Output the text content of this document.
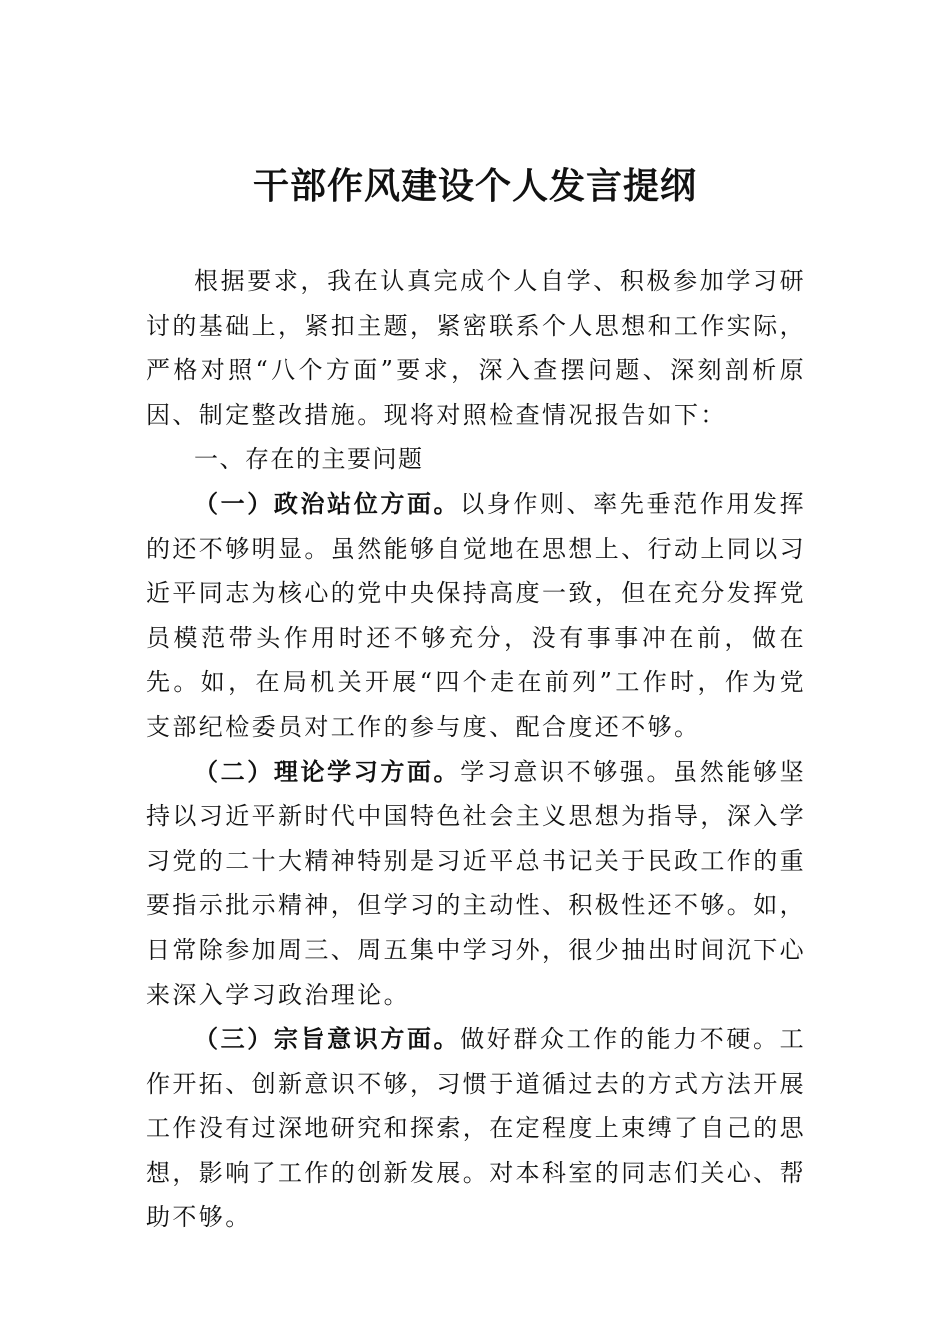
干部作风建设个人发言提纲

根据要求，我在认真完成个人自学、积极参加学习研讨的基础上，紧扣主题，紧密联系个人思想和工作实际，严格对照“八个方面”要求，深入查摆问题、深刻剖析原因、制定整改措施。现将对照检查情况报告如下：

一、存在的主要问题

（一）政治站位方面。以身作则、率先垂范作用发挥的还不够明显。虽然能够自觉地在思想上、行动上同以习近平同志为核心的党中央保持高度一致，但在充分发挥党员模范带头作用时还不够充分，没有事事冲在前，做在先。如，在局机关开展“四个走在前列”工作时，作为党支部纪检委员对工作的参与度、配合度还不够。

（二）理论学习方面。学习意识不够强。虽然能够坚持以习近平新时代中国特色社会主义思想为指导，深入学习党的二十大精神特别是习近平总书记关于民政工作的重要指示批示精神，但学习的主动性、积极性还不够。如，日常除参加周三、周五集中学习外，很少抽出时间沉下心来深入学习政治理论。

（三）宗旨意识方面。做好群众工作的能力不硬。工作开拓、创新意识不够，习惯于道循过去的方式方法开展工作没有过深地研究和探索，在定程度上束缚了自己的思想，影响了工作的创新发展。对本科室的同志们关心、帮助不够。
